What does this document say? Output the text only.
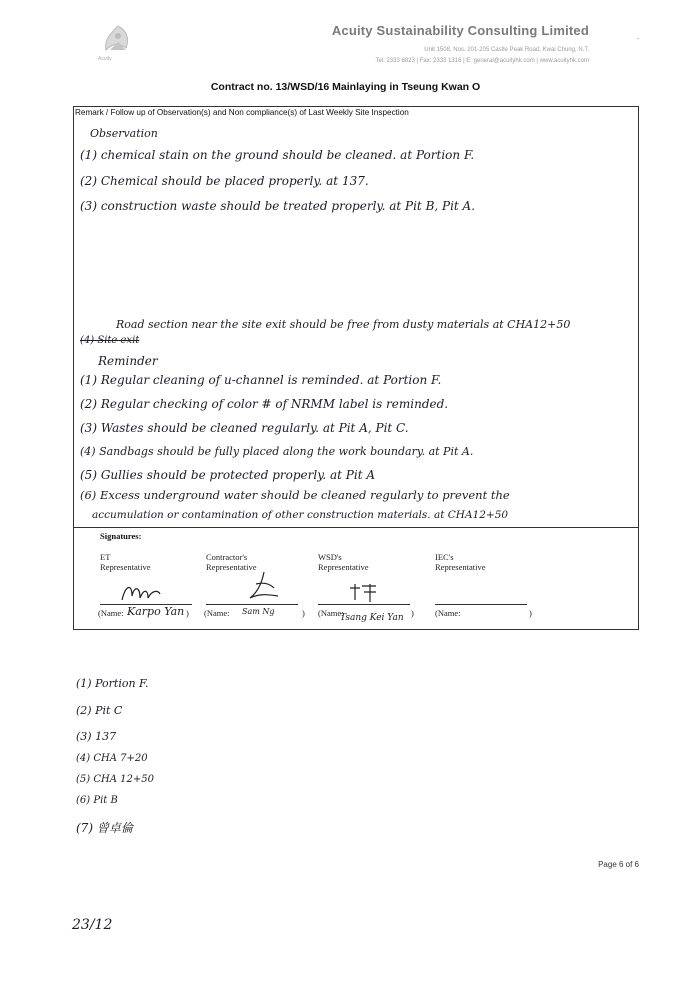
Acuity
Acuity Sustainability Consulting Limited
Unit 1508, Nos. 201-205 Castle Peak Road, Kwai Chung, N.T.
Tel: 2333 6823 | Fax: 2333 1316 | E: general@acuityhk.com | www.acuityhk.com
-
Contract no. 13/WSD/16 Mainlaying in Tseung Kwan O
Remark / Follow up of Observation(s) and Non compliance(s) of Last Weekly Site Inspection
Observation
(1) chemical stain on the ground should be cleaned. at Portion F.
(2) Chemical should be placed properly. at 137.
(3) construction waste should be treated properly. at Pit B, Pit A.
Road section near the site exit should be free from dusty materials at CHA12+50
(4) Site exit
Reminder
(1) Regular cleaning of u-channel is reminded. at Portion F.
(2) Regular checking of color # of NRMM label is reminded.
(3) Wastes should be cleaned regularly. at Pit A, Pit C.
(4) Sandbags should be fully placed along the work boundary. at Pit A.
(5) Gullies should be protected properly. at Pit A
(6) Excess underground water should be cleaned regularly to prevent the
accumulation or contamination of other construction materials. at CHA12+50
Signatures:
ET
Representative
Contractor's
Representative
WSD's
Representative
IEC's
Representative
(Name: Karpo Yan ) (Name: Sam Ng	) (Name:
Tsang Kei Yan ) (Name:	)
(1) Portion F.
(2) Pit C
(3) 137
(4) CHA 7+20
(5) CHA 12+50
(6) Pit B
(7) 曾卓倫
Page 6 of 6
23/12
